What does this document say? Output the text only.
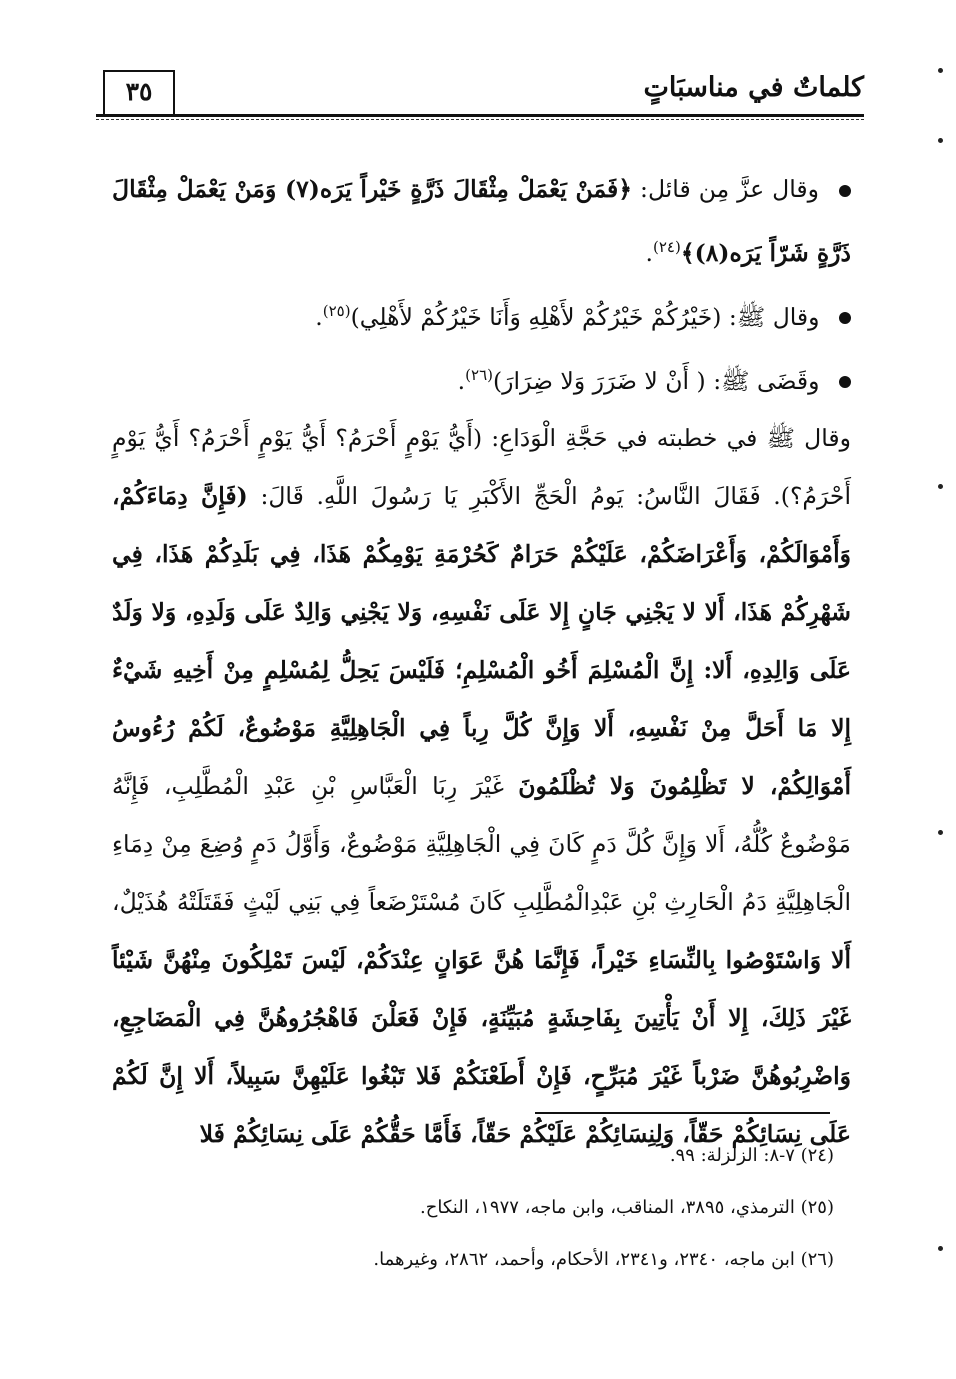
كلماتٌ في مناسبَاتٍ
٣٥

وقال عزَّ مِن قائل: ﴿فَمَنْ يَعْمَلْ مِثْقَالَ ذَرَّةٍ خَيْراً يَرَه(٧) وَمَنْ يَعْمَلْ مِثْقَالَ ذَرَّةٍ شَرّاً يَرَه(٨)﴾$^{(٢٤)}$.

وقال ﷺ: (خَيْرُكُمْ خَيْرُكُمْ لأَهْلِهِ وَأَنَا خَيْرُكُمْ لأَهْلِي)$^{(٢٥)}$.

وقَضَى ﷺ: ( أَنْ لا ضَرَرَ وَلا ضِرَارَ)$^{(٢٦)}$.

وقال ﷺ في خطبته في حَجَّةِ الْوَدَاعِ: (أَيُّ يَوْمٍ أَحْرَمُ؟ أَيُّ يَوْمٍ أَحْرَمُ؟ أَيُّ يَوْمٍ أَحْرَمُ؟). فَقَالَ النَّاسُ: يَومُ الْحَجِّ الأَكْبَرِ يَا رَسُولَ اللَّهِ. قَالَ: (فَإِنَّ دِمَاءَكُمْ، وَأَمْوَالَكُمْ، وَأَعْرَاضَكُمْ، عَلَيْكُمْ حَرَامٌ كَحُرْمَةِ يَوْمِكُمْ هَذَا، فِي بَلَدِكُمْ هَذَا، فِي شَهْرِكُمْ هَذَا، أَلا لا يَجْنِي جَانٍ إِلا عَلَى نَفْسِهِ، وَلا يَجْنِي وَالِدٌ عَلَى وَلَدِهِ، وَلا وَلَدٌ عَلَى وَالِدِهِ، أَلا: إِنَّ الْمُسْلِمَ أَخُو الْمُسْلِمِ؛ فَلَيْسَ يَحِلُّ لِمُسْلِمٍ مِنْ أَخِيهِ شَيْءٌ إِلا مَا أَحَلَّ مِنْ نَفْسِهِ، أَلا وَإِنَّ كُلَّ رِباً فِي الْجَاهِلِيَّةِ مَوْضُوعٌ، لَكُمْ رُءُوسُ أَمْوَالِكُمْ، لا تَظْلِمُونَ وَلا تُظْلَمُونَ غَيْرَ رِبَا الْعَبَّاسِ بْنِ عَبْدِ الْمُطَّلِبِ، فَإِنَّهُ مَوْضُوعٌ كُلُّهُ، أَلا وَإِنَّ كُلَّ دَمٍ كَانَ فِي الْجَاهِلِيَّةِ مَوْضُوعٌ، وَأَوَّلُ دَمٍ وُضِعَ مِنْ دِمَاءِ الْجَاهِلِيَّةِ دَمُ الْحَارِثِ بْنِ عَبْدِالْمُطَّلِبِ كَانَ مُسْتَرْضَعاً فِي بَنِي لَيْثٍ فَقَتَلَتْهُ هُذَيْلٌ، أَلا وَاسْتَوْصُوا بِالنِّسَاءِ خَيْراً، فَإِنَّمَا هُنَّ عَوَانٍ عِنْدَكُمْ، لَيْسَ تَمْلِكُونَ مِنْهُنَّ شَيْئاً غَيْرَ ذَلِكَ، إِلا أَنْ يَأْتِينَ بِفَاحِشَةٍ مُبَيِّنَةٍ، فَإِنْ فَعَلْنَ فَاهْجُرُوهُنَّ فِي الْمَضَاجِعِ، وَاضْرِبُوهُنَّ ضَرْباً غَيْرَ مُبَرِّحٍ، فَإِنْ أَطَعْنَكُمْ فَلا تَبْغُوا عَلَيْهِنَّ سَبِيلاً، أَلا إِنَّ لَكُمْ عَلَى نِسَائِكُمْ حَقّاً، وَلِنِسَائِكُمْ عَلَيْكُمْ حَقّاً، فَأَمَّا حَقُّكُمْ عَلَى نِسَائِكُمْ فَلا

(٢٤) ٧-٨: الزلزلة: ٩٩.

(٢٥) الترمذي، ٣٨٩٥، المناقب، وابن ماجه، ١٩٧٧، النكاح.

(٢٦) ابن ماجه، ٢٣٤٠، و٢٣٤١، الأحكام، وأحمد، ٢٨٦٢، وغيرهما.
